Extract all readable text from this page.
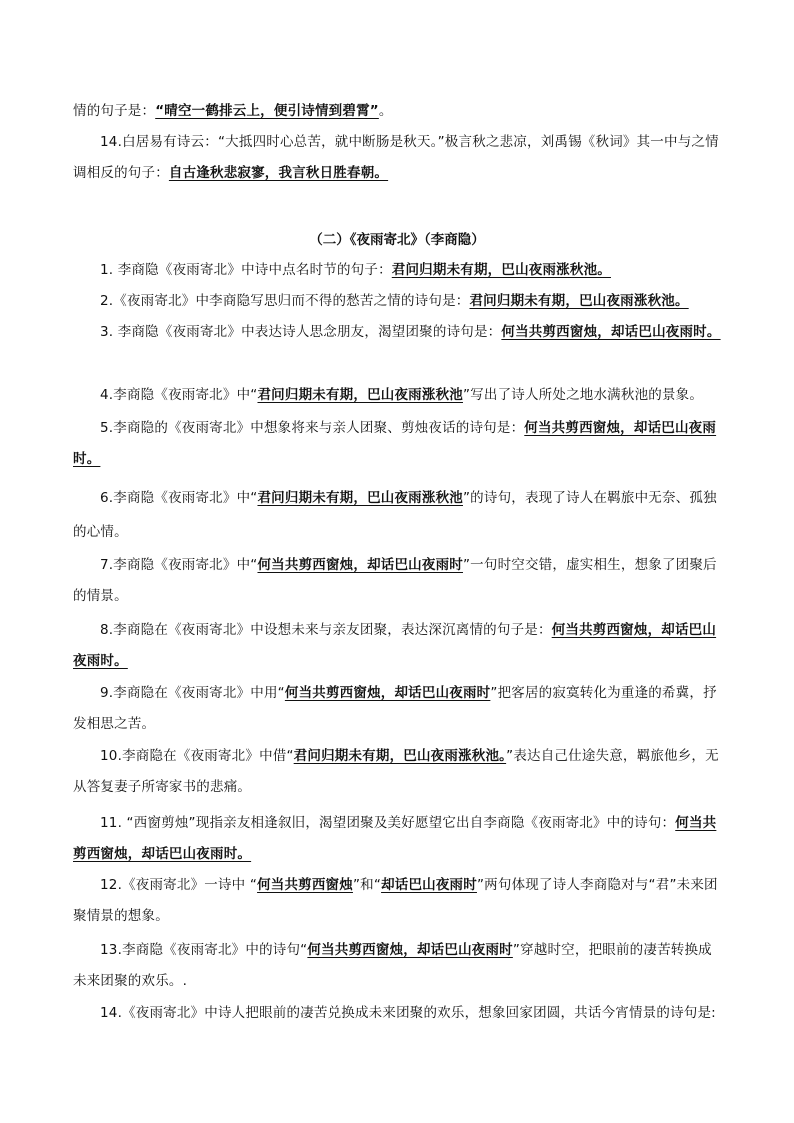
情的句子是：“晴空一鹤排云上，便引诗情到碧霄”。
14.白居易有诗云：“大抵四时心总苦，就中断肠是秋天。”极言秋之悲凉，刘禹锡《秋词》其一中与之情调相反的句子：自古逢秋悲寂寥，我言秋日胜春朝。
（二）《夜雨寄北》（李商隐）
1. 李商隐《夜雨寄北》中诗中点名时节的句子：君问归期未有期，巴山夜雨涨秋池。
2.《夜雨寄北》中李商隐写思归而不得的愁苦之情的诗句是：君问归期未有期，巴山夜雨涨秋池。
3. 李商隐《夜雨寄北》中表达诗人思念朋友，渴望团聚的诗句是：何当共剪西窗烛，却话巴山夜雨时。
4.李商隐《夜雨寄北》中“君问归期未有期，巴山夜雨涨秋池”写出了诗人所处之地水满秋池的景象。
5.李商隐的《夜雨寄北》中想象将来与亲人团聚、剪烛夜话的诗句是：何当共剪西窗烛，却话巴山夜雨时。
6.李商隐《夜雨寄北》中“君问归期未有期，巴山夜雨涨秋池”的诗句，表现了诗人在羁旅中无奈、孤独的心情。
7.李商隐《夜雨寄北》中“何当共剪西窗烛，却话巴山夜雨时”一句时空交错，虚实相生，想象了团聚后的情景。
8.李商隐在《夜雨寄北》中设想未来与亲友团聚，表达深沉离情的句子是：何当共剪西窗烛，却话巴山夜雨时。
9.李商隐在《夜雨寄北》中用“何当共剪西窗烛，却话巴山夜雨时”把客居的寂寞转化为重逢的希冀，抒发相思之苦。
10.李商隐在《夜雨寄北》中借“君问归期未有期，巴山夜雨涨秋池。”表达自己仕途失意，羁旅他乡，无从答复妻子所寄家书的悲痛。
11. “西窗剪烛”现指亲友相逢叙旧，渴望团聚及美好愿望它出自李商隐《夜雨寄北》中的诗句：何当共剪西窗烛，却话巴山夜雨时。
12.《夜雨寄北》一诗中 “何当共剪西窗烛”和“却话巴山夜雨时”两句体现了诗人李商隐对与“君”未来团聚情景的想象。
13.李商隐《夜雨寄北》中的诗句“何当共剪西窗烛，却话巴山夜雨时”穿越时空，把眼前的凄苦转换成未来团聚的欢乐。.
14.《夜雨寄北》中诗人把眼前的凄苦兑换成未来团聚的欢乐，想象回家团圆，共话今宵情景的诗句是:
